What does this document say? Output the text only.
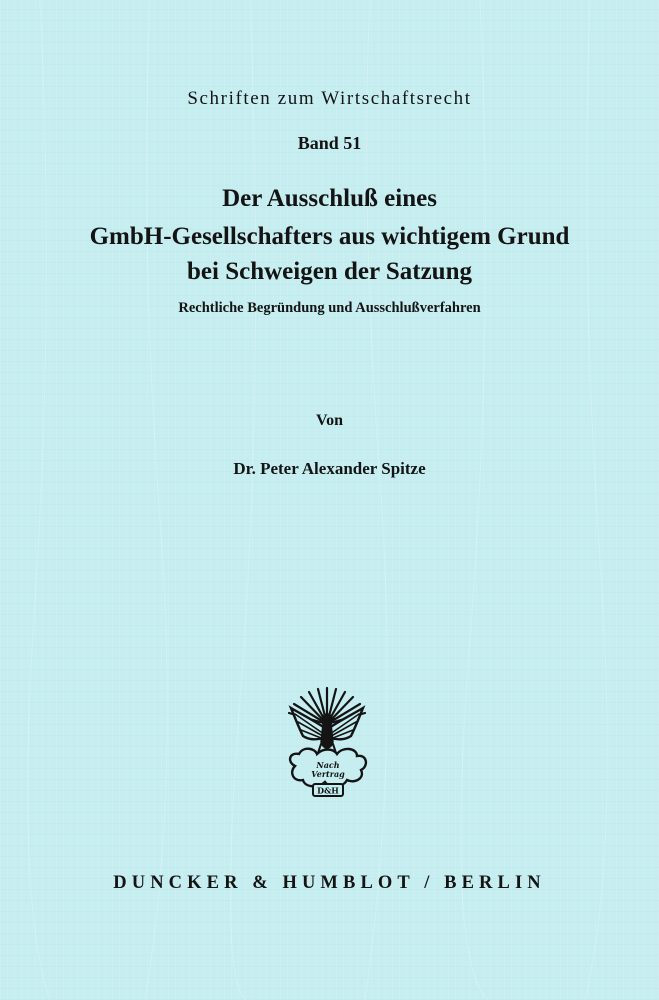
Schriften zum Wirtschaftsrecht
Band 51
Der Ausschluß eines
GmbH-Gesellschafters aus wichtigem Grund
bei Schweigen der Satzung
Rechtliche Begründung und Ausschlußverfahren
Von
Dr. Peter Alexander Spitze
Nach
Vertrag
D&H
DUNCKER & HUMBLOT / BERLIN
